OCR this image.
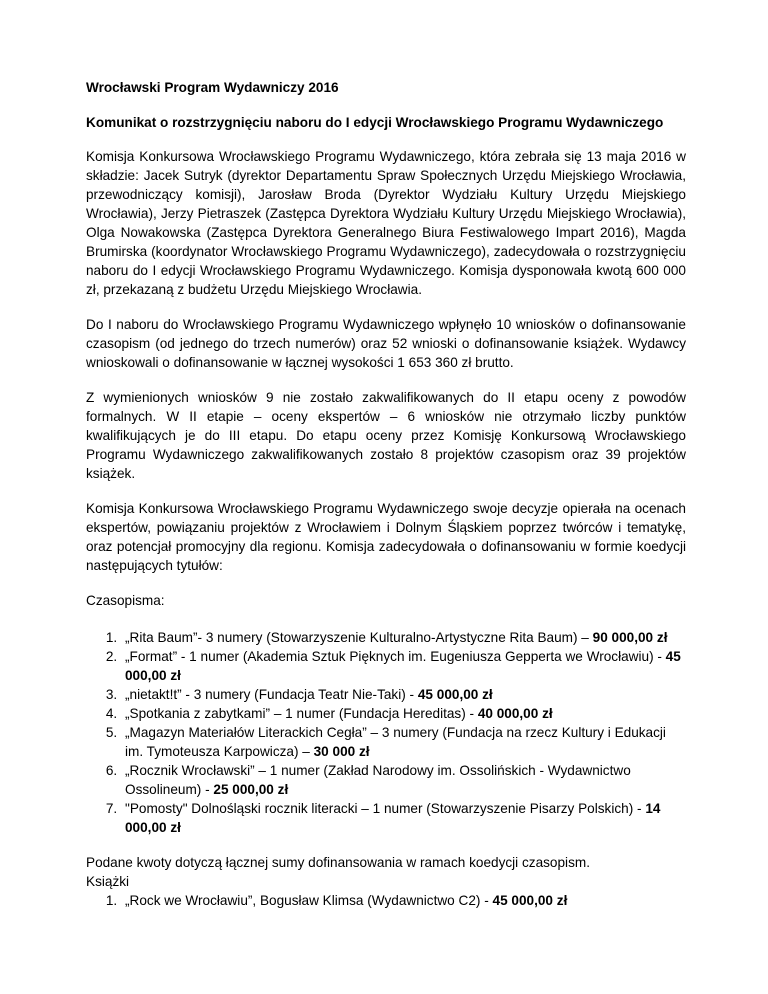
Wrocławski Program Wydawniczy 2016

Komunikat o rozstrzygnięciu naboru do I edycji Wrocławskiego Programu Wydawniczego

Komisja Konkursowa Wrocławskiego Programu Wydawniczego, która zebrała się 13 maja 2016 w składzie: Jacek Sutryk (dyrektor Departamentu Spraw Społecznych Urzędu Miejskiego Wrocławia, przewodniczący komisji), Jarosław Broda (Dyrektor Wydziału Kultury Urzędu Miejskiego Wrocławia), Jerzy Pietraszek (Zastępca Dyrektora Wydziału Kultury Urzędu Miejskiego Wrocławia), Olga Nowakowska (Zastępca Dyrektora Generalnego Biura Festiwalowego Impart 2016), Magda Brumirska (koordynator Wrocławskiego Programu Wydawniczego), zadecydowała o rozstrzygnięciu naboru do I edycji Wrocławskiego Programu Wydawniczego. Komisja dysponowała kwotą 600 000 zł, przekazaną z budżetu Urzędu Miejskiego Wrocławia.

Do I naboru do Wrocławskiego Programu Wydawniczego wpłynęło 10 wniosków o dofinansowanie czasopism (od jednego do trzech numerów) oraz 52 wnioski o dofinansowanie książek. Wydawcy wnioskowali o dofinansowanie w łącznej wysokości 1 653 360 zł brutto.

Z wymienionych wniosków 9 nie zostało zakwalifikowanych do II etapu oceny z powodów formalnych. W II etapie – oceny ekspertów – 6 wniosków nie otrzymało liczby punktów kwalifikujących je do III etapu. Do etapu oceny przez Komisję Konkursową Wrocławskiego Programu Wydawniczego zakwalifikowanych zostało 8 projektów czasopism oraz 39 projektów książek.

Komisja Konkursowa Wrocławskiego Programu Wydawniczego swoje decyzje opierała na ocenach ekspertów, powiązaniu projektów z Wrocławiem i Dolnym Śląskiem poprzez twórców i tematykę, oraz potencjał promocyjny dla regionu. Komisja zadecydowała o dofinansowaniu w formie koedycji następujących tytułów:

Czasopisma:

1. „Rita Baum”- 3 numery (Stowarzyszenie Kulturalno-Artystyczne Rita Baum) – 90 000,00 zł
2. „Format” - 1 numer (Akademia Sztuk Pięknych im. Eugeniusza Gepperta we Wrocławiu) - 45 000,00 zł
3. „nietakt!t” - 3 numery (Fundacja Teatr Nie-Taki) - 45 000,00 zł
4. „Spotkania z zabytkami” – 1 numer (Fundacja Hereditas) - 40 000,00 zł
5. „Magazyn Materiałów Literackich Cegła” – 3 numery (Fundacja na rzecz Kultury i Edukacji im. Tymoteusza Karpowicza) – 30 000 zł
6. „Rocznik Wrocławski” – 1 numer (Zakład Narodowy im. Ossolińskich - Wydawnictwo Ossolineum) - 25 000,00 zł
7. "Pomosty" Dolnośląski rocznik literacki – 1 numer (Stowarzyszenie Pisarzy Polskich) - 14 000,00 zł

Podane kwoty dotyczą łącznej sumy dofinansowania w ramach koedycji czasopism.

Książki

1. „Rock we Wrocławiu”, Bogusław Klimsa (Wydawnictwo C2) - 45 000,00 zł
